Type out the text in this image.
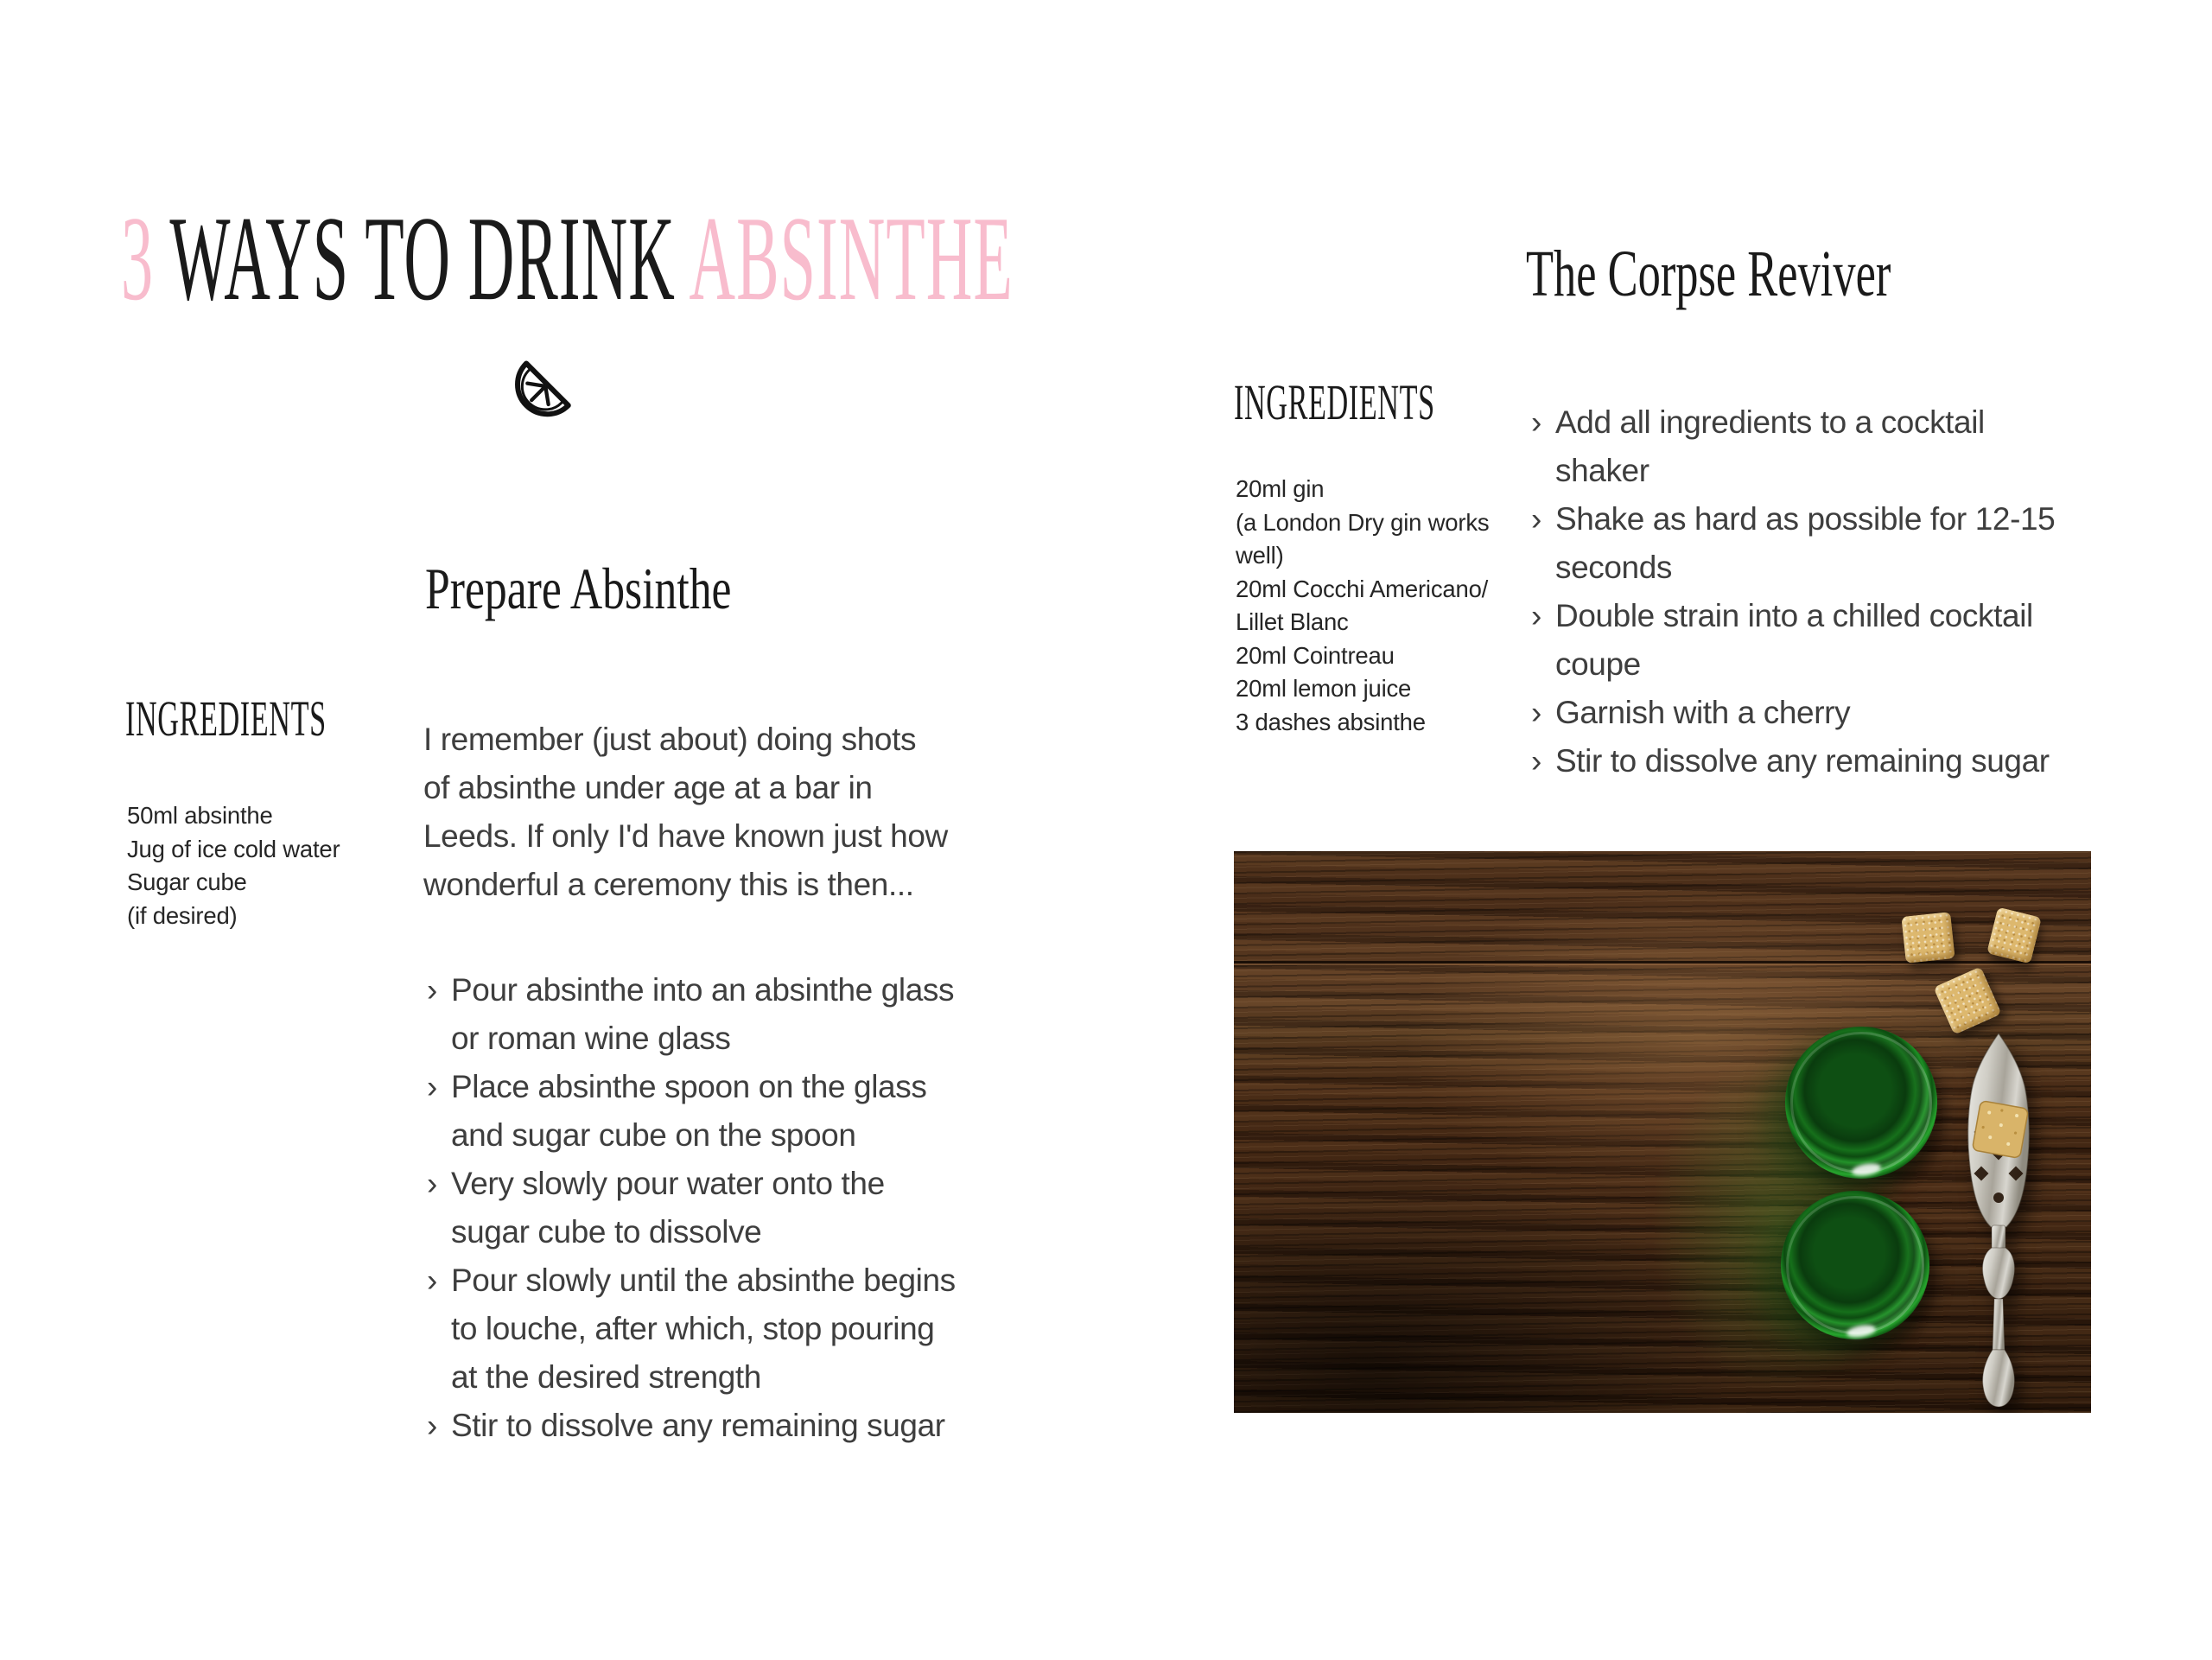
3 WAYS TO DRINK ABSINTHE
Prepare Absinthe
INGREDIENTS
50ml absinthe
Jug of ice cold water
Sugar cube
(if desired)
I remember (just about) doing shots
of absinthe under age at a bar in
Leeds. If only I'd have known just how
wonderful a ceremony this is then...
› Pour absinthe into an absinthe glass
or roman wine glass
› Place absinthe spoon on the glass
and sugar cube on the spoon
› Very slowly pour water onto the
sugar cube to dissolve
› Pour slowly until the absinthe begins
to louche, after which, stop pouring
at the desired strength
› Stir to dissolve any remaining sugar
The Corpse Reviver
INGREDIENTS
20ml gin
(a London Dry gin works
well)
20ml Cocchi Americano/
Lillet Blanc
20ml Cointreau
20ml lemon juice
3 dashes absinthe
› Add all ingredients to a cocktail
shaker
› Shake as hard as possible for 12-15
seconds
› Double strain into a chilled cocktail
coupe
› Garnish with a cherry
› Stir to dissolve any remaining sugar
